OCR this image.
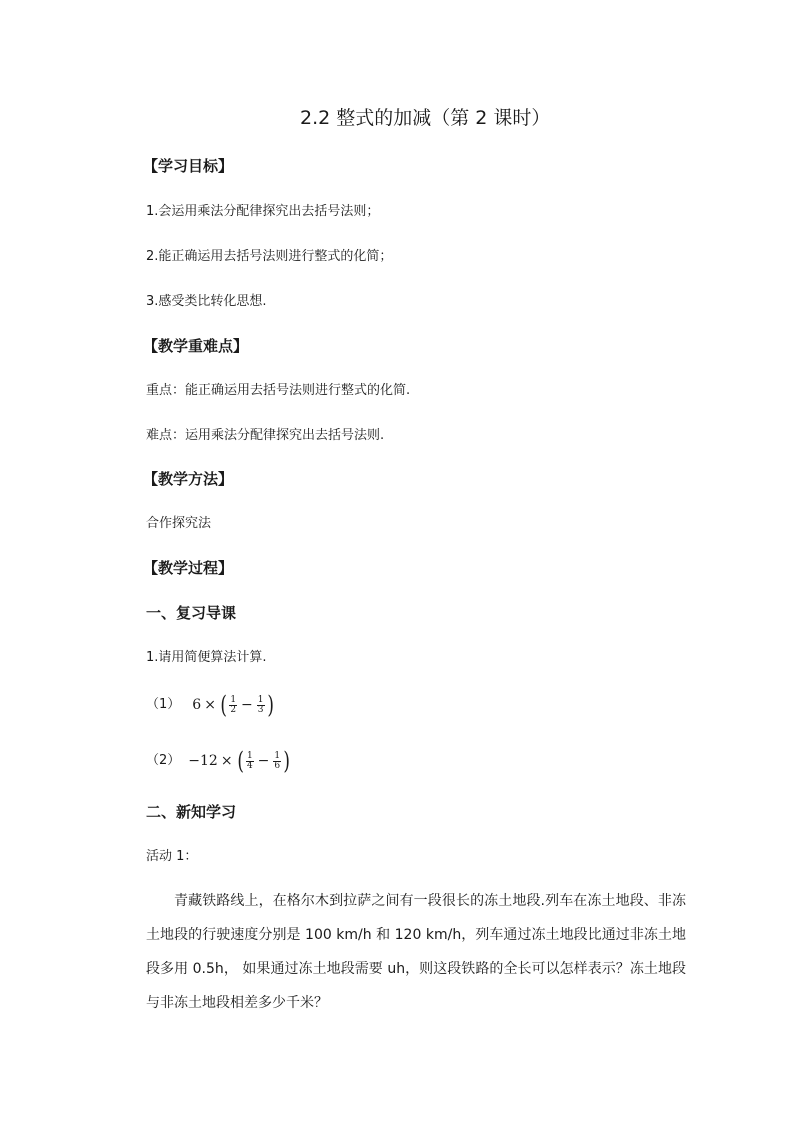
2.2 整式的加减（第 2 课时）
【学习目标】
1.会运用乘法分配律探究出去括号法则；
2.能正确运用去括号法则进行整式的化简；
3.感受类比转化思想.
【教学重难点】
重点：能正确运用去括号法则进行整式的化简.
难点：运用乘法分配律探究出去括号法则.
【教学方法】
合作探究法
【教学过程】
一、复习导课
1.请用简便算法计算.
（1） 6 × ( $\frac{1}{2} - \frac{1}{3}$ )
（2） −12 × ( $\frac{1}{4} - \frac{1}{6}$ )
二、新知学习
活动 1：
青藏铁路线上，在格尔木到拉萨之间有一段很长的冻土地段.列车在冻土地段、非冻土地段的行驶速度分别是 100 km/h 和 120 km/h，列车通过冻土地段比通过非冻土地段多用 0.5h， 如果通过冻土地段需要 uh，则这段铁路的全长可以怎样表示？冻土地段与非冻土地段相差多少千米？
